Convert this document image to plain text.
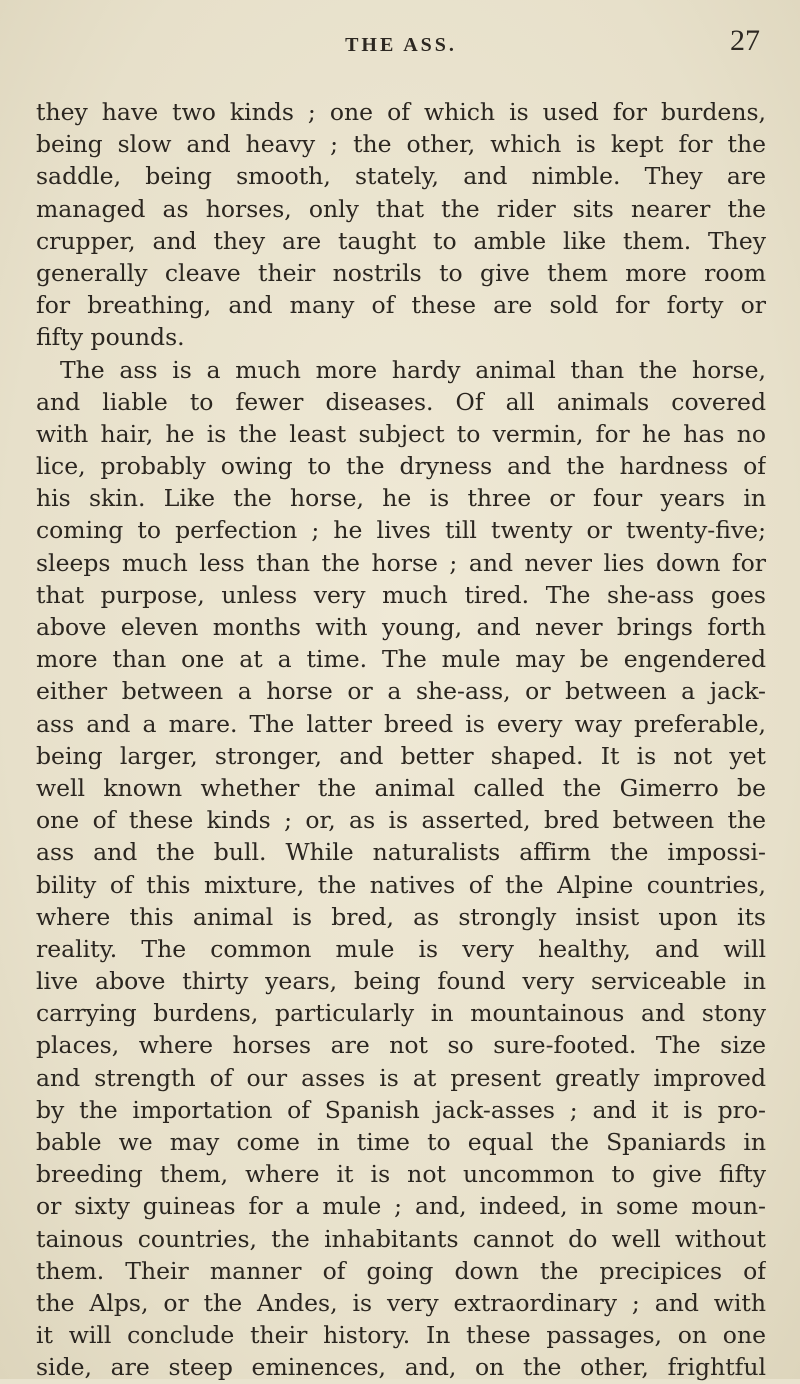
THE ASS.	27
they have two kinds ; one of which is used for burdens,
being slow and heavy ; the other, which is kept for the
saddle, being smooth, stately, and nimble. They are
managed as horses, only that the rider sits nearer the
crupper, and they are taught to amble like them. They
generally cleave their nostrils to give them more room
for breathing, and many of these are sold for forty or
fifty pounds.
The ass is a much more hardy animal than the horse,
and liable to fewer diseases. Of all animals covered
with hair, he is the least subject to vermin, for he has no
lice, probably owing to the dryness and the hardness of
his skin. Like the horse, he is three or four years in
coming to perfection ; he lives till twenty or twenty-five;
sleeps much less than the horse ; and never lies down for
that purpose, unless very much tired. The she-ass goes
above eleven months with young, and never brings forth
more than one at a time. The mule may be engendered
either between a horse or a she-ass, or between a jack-
ass and a mare. The latter breed is every way preferable,
being larger, stronger, and better shaped. It is not yet
well known whether the animal called the Gimerro be
one of these kinds ; or, as is asserted, bred between the
ass and the bull. While naturalists affirm the impossi-
bility of this mixture, the natives of the Alpine countries,
where this animal is bred, as strongly insist upon its
reality. The common mule is very healthy, and will
live above thirty years, being found very serviceable in
carrying burdens, particularly in mountainous and stony
places, where horses are not so sure-footed. The size
and strength of our asses is at present greatly improved
by the importation of Spanish jack-asses ; and it is pro-
bable we may come in time to equal the Spaniards in
breeding them, where it is not uncommon to give fifty
or sixty guineas for a mule ; and, indeed, in some moun-
tainous countries, the inhabitants cannot do well without
them. Their manner of going down the precipices of
the Alps, or the Andes, is very extraordinary ; and with
it will conclude their history. In these passages, on one
side, are steep eminences, and, on the other, frightful
